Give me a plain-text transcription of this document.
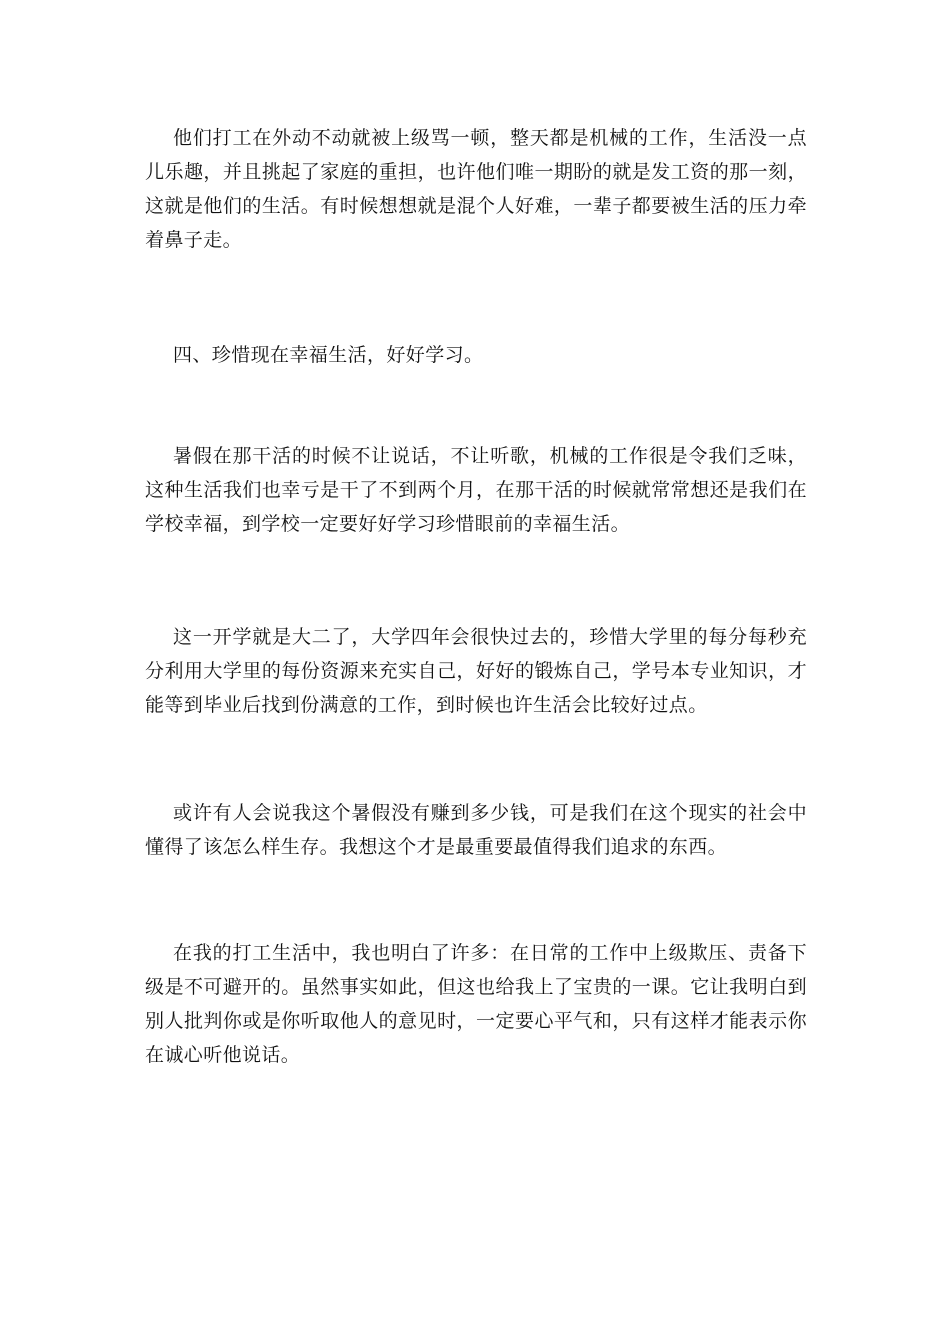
他们打工在外动不动就被上级骂一顿，整天都是机械的工作，生活没一点儿乐趣，并且挑起了家庭的重担，也许他们唯一期盼的就是发工资的那一刻，这就是他们的生活。有时候想想就是混个人好难，一辈子都要被生活的压力牵着鼻子走。

四、珍惜现在幸福生活，好好学习。

暑假在那干活的时候不让说话，不让听歌，机械的工作很是令我们乏味，这种生活我们也幸亏是干了不到两个月，在那干活的时候就常常想还是我们在学校幸福，到学校一定要好好学习珍惜眼前的幸福生活。

这一开学就是大二了，大学四年会很快过去的，珍惜大学里的每分每秒充分利用大学里的每份资源来充实自己，好好的锻炼自己，学号本专业知识，才能等到毕业后找到份满意的工作，到时候也许生活会比较好过点。

或许有人会说我这个暑假没有赚到多少钱，可是我们在这个现实的社会中懂得了该怎么样生存。我想这个才是最重要最值得我们追求的东西。

在我的打工生活中，我也明白了许多：在日常的工作中上级欺压、责备下级是不可避开的。虽然事实如此，但这也给我上了宝贵的一课。它让我明白到别人批判你或是你听取他人的意见时，一定要心平气和，只有这样才能表示你在诚心听他说话。
